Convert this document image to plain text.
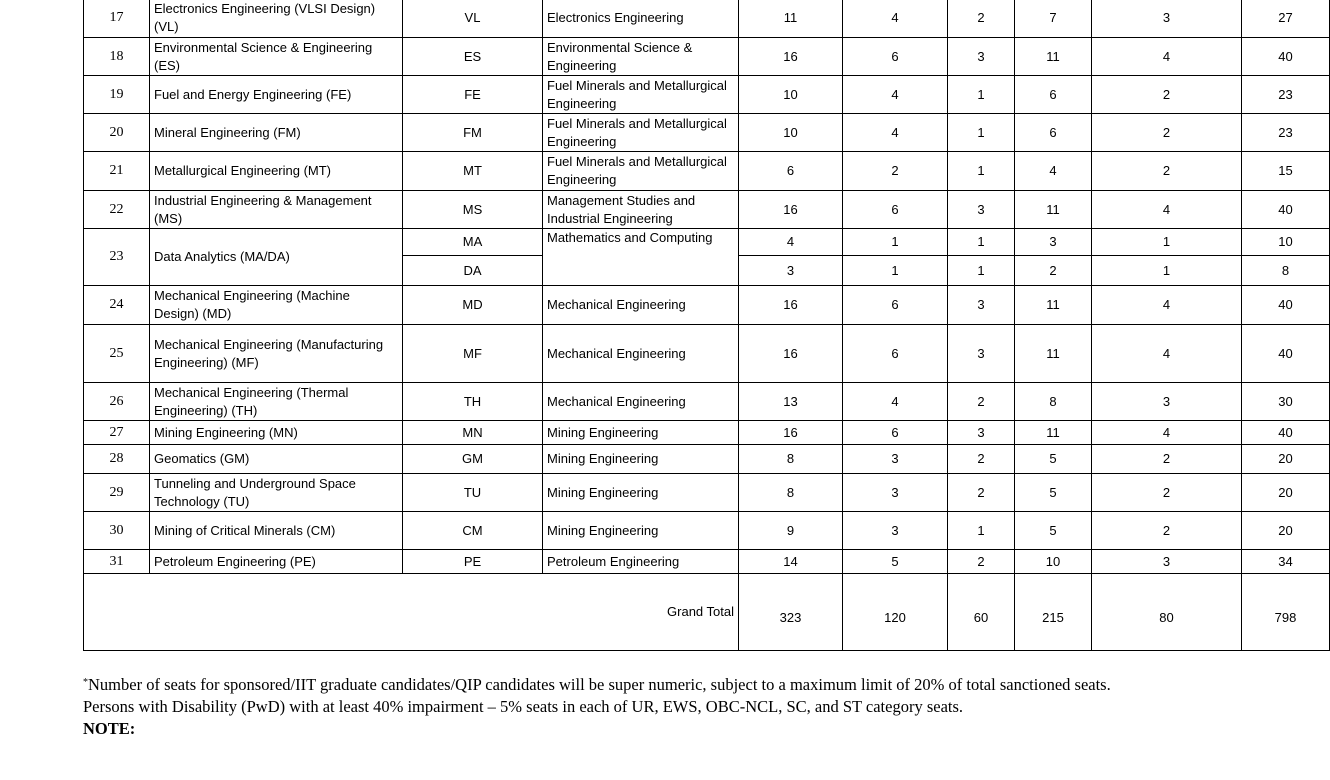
17	Electronics Engineering (VLSI Design) (VL)	VL	Electronics Engineering	11	4	2	7	3	27
18	Environmental Science & Engineering (ES)	ES	Environmental Science & Engineering	16	6	3	11	4	40
19	Fuel and Energy Engineering (FE)	FE	Fuel Minerals and Metallurgical Engineering	10	4	1	6	2	23
20	Mineral Engineering (FM)	FM	Fuel Minerals and Metallurgical Engineering	10	4	1	6	2	23
21	Metallurgical Engineering (MT)	MT	Fuel Minerals and Metallurgical Engineering	6	2	1	4	2	15
22	Industrial Engineering & Management (MS)	MS	Management Studies and Industrial Engineering	16	6	3	11	4	40
23	Data Analytics (MA/DA)	MA	Mathematics and Computing	4	1	1	3	1	10
		DA		3	1	1	2	1	8
24	Mechanical Engineering (Machine Design) (MD)	MD	Mechanical Engineering	16	6	3	11	4	40
25	Mechanical Engineering (Manufacturing Engineering) (MF)	MF	Mechanical Engineering	16	6	3	11	4	40
26	Mechanical Engineering (Thermal Engineering) (TH)	TH	Mechanical Engineering	13	4	2	8	3	30
27	Mining Engineering (MN)	MN	Mining Engineering	16	6	3	11	4	40
28	Geomatics (GM)	GM	Mining Engineering	8	3	2	5	2	20
29	Tunneling and Underground Space Technology (TU)	TU	Mining Engineering	8	3	2	5	2	20
30	Mining of Critical Minerals (CM)	CM	Mining Engineering	9	3	1	5	2	20
31	Petroleum Engineering (PE)	PE	Petroleum Engineering	14	5	2	10	3	34
Grand Total				323	120	60	215	80	798

*Number of seats for sponsored/IIT graduate candidates/QIP candidates will be super numeric, subject to a maximum limit of 20% of total sanctioned seats.

Persons with Disability (PwD) with at least 40% impairment – 5% seats in each of UR, EWS, OBC-NCL, SC, and ST category seats.

NOTE:
